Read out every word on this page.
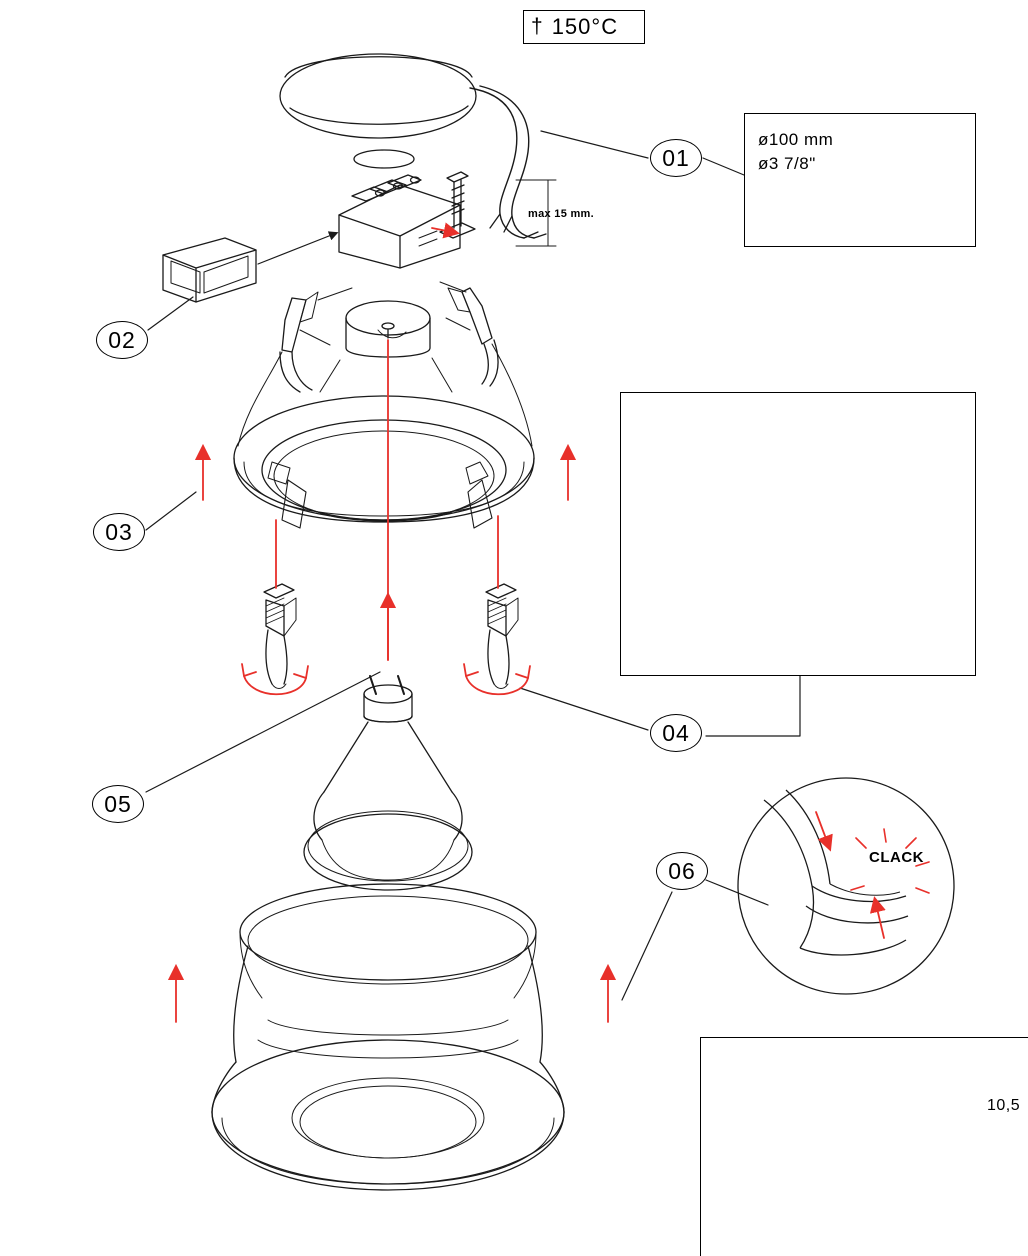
† 150°C
ø100 mm
ø3 7/8"
max 15 mm.
CLACK
10,5
01
02
03
04
05
06
